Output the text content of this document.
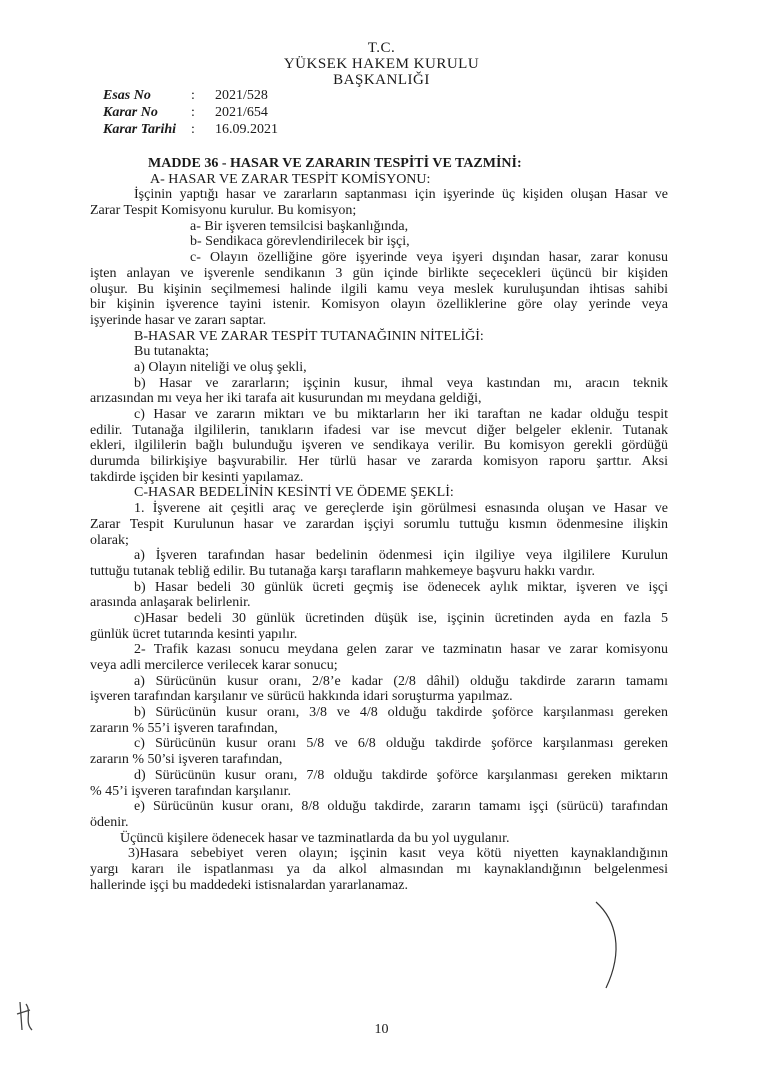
T.C.
YÜKSEK HAKEM KURULU
BAŞKANLIĞI
Esas No	:	2021/528
Karar No	:	2021/654
Karar Tarihi	:	16.09.2021
MADDE 36 - HASAR VE ZARARIN TESPİTİ VE TAZMİNİ:
A- HASAR VE ZARAR TESPİT KOMİSYONU:
İşçinin yaptığı hasar ve zararların saptanması için işyerinde üç kişiden oluşan Hasar ve
Zarar Tespit Komisyonu kurulur. Bu komisyon;
a- Bir işveren temsilcisi başkanlığında,
b- Sendikaca görevlendirilecek bir işçi,
c- Olayın özelliğine göre işyerinde veya işyeri dışından hasar, zarar konusu
işten anlayan ve işverenle sendikanın 3 gün içinde birlikte seçecekleri üçüncü bir kişiden
oluşur. Bu kişinin seçilmemesi halinde ilgili kamu veya meslek kuruluşundan ihtisas sahibi
bir kişinin işverence tayini istenir. Komisyon olayın özelliklerine göre olay yerinde veya
işyerinde hasar ve zararı saptar.
B-HASAR VE ZARAR TESPİT TUTANAĞININ NİTELİĞİ:
Bu tutanakta;
a) Olayın niteliği ve oluş şekli,
b) Hasar ve zararların; işçinin kusur, ihmal veya kastından mı, aracın teknik
arızasından mı veya her iki tarafa ait kusurundan mı meydana geldiği,
c) Hasar ve zararın miktarı ve bu miktarların her iki taraftan ne kadar olduğu tespit
edilir. Tutanağa ilgililerin, tanıkların ifadesi var ise mevcut diğer belgeler eklenir. Tutanak
ekleri, ilgililerin bağlı bulunduğu işveren ve sendikaya verilir. Bu komisyon gerekli gördüğü
durumda bilirkişiye başvurabilir. Her türlü hasar ve zararda komisyon raporu şarttır. Aksi
takdirde işçiden bir kesinti yapılamaz.
C-HASAR BEDELİNİN KESİNTİ VE ÖDEME ŞEKLİ:
1. İşverene ait çeşitli araç ve gereçlerde işin görülmesi esnasında oluşan ve Hasar ve
Zarar Tespit Kurulunun hasar ve zarardan işçiyi sorumlu tuttuğu kısmın ödenmesine ilişkin
olarak;
a) İşveren tarafından hasar bedelinin ödenmesi için ilgiliye veya ilgililere Kurulun
tuttuğu tutanak tebliğ edilir. Bu tutanağa karşı tarafların mahkemeye başvuru hakkı vardır.
b) Hasar bedeli 30 günlük ücreti geçmiş ise ödenecek aylık miktar, işveren ve işçi
arasında anlaşarak belirlenir.
c)Hasar bedeli 30 günlük ücretinden düşük ise, işçinin ücretinden ayda en fazla 5
günlük ücret tutarında kesinti yapılır.
2- Trafik kazası sonucu meydana gelen zarar ve tazminatın hasar ve zarar komisyonu
veya adli mercilerce verilecek karar sonucu;
a) Sürücünün kusur oranı, 2/8’e kadar (2/8 dâhil) olduğu takdirde zararın tamamı
işveren tarafından karşılanır ve sürücü hakkında idari soruşturma yapılmaz.
b) Sürücünün kusur oranı, 3/8 ve 4/8 olduğu takdirde şoförce karşılanması gereken
zararın % 55’i işveren tarafından,
c) Sürücünün kusur oranı 5/8 ve 6/8 olduğu takdirde şoförce karşılanması gereken
zararın % 50’si işveren tarafından,
d) Sürücünün kusur oranı, 7/8 olduğu takdirde şoförce karşılanması gereken miktarın
% 45’i işveren tarafından karşılanır.
e) Sürücünün kusur oranı, 8/8 olduğu takdirde, zararın tamamı işçi (sürücü) tarafından
ödenir.
Üçüncü kişilere ödenecek hasar ve tazminatlarda da bu yol uygulanır.
3)Hasara sebebiyet veren olayın; işçinin kasıt veya kötü niyetten kaynaklandığının
yargı kararı ile ispatlanması ya da alkol almasından mı kaynaklandığının belgelenmesi
hallerinde işçi bu maddedeki istisnalardan yararlanamaz.
10
